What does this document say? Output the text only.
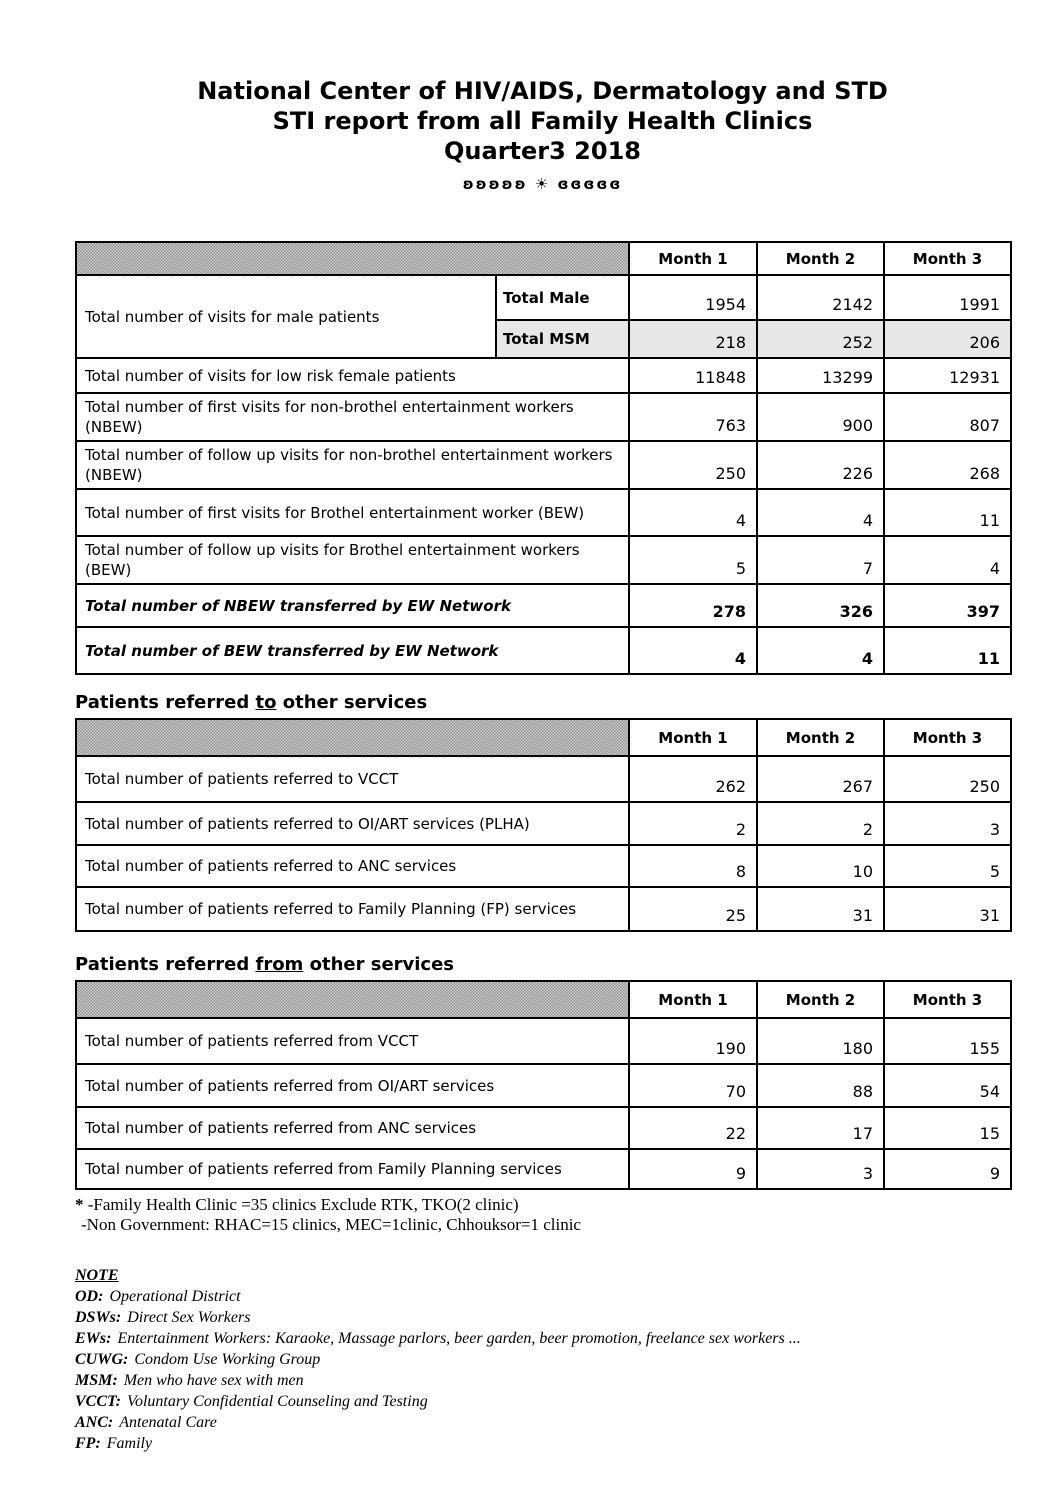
National Center of HIV/AIDS, Dermatology and STD
STI report from all Family Health Clinics
Quarter3 2018
ʚʚʚʚʚ ☀ ɞɞɞɞɞ
		Month 1	Month 2	Month 3
Total number of visits for male patients	Total Male	1954	2142	1991
	Total MSM	218	252	206
Total number of visits for low risk female patients		11848	13299	12931
Total number of first visits for non-brothel entertainment workers (NBEW)		763	900	807
Total number of follow up visits for non-brothel entertainment workers (NBEW)		250	226	268
Total number of first visits for Brothel entertainment worker (BEW)		4	4	11
Total number of follow up visits for Brothel entertainment workers (BEW)		5	7	4
Total number of NBEW transferred by EW Network		278	326	397
Total number of BEW transferred by EW Network		4	4	11
Patients referred to other services
	Month 1	Month 2	Month 3
Total number of patients referred to VCCT	262	267	250
Total number of patients referred to OI/ART services (PLHA)	2	2	3
Total number of patients referred to ANC services	8	10	5
Total number of patients referred to Family Planning (FP) services	25	31	31
Patients referred from other services
	Month 1	Month 2	Month 3
Total number of patients referred from VCCT	190	180	155
Total number of patients referred from OI/ART services	70	88	54
Total number of patients referred from ANC services	22	17	15
Total number of patients referred from Family Planning services	9	3	9
* -Family Health Clinic =35 clinics Exclude RTK, TKO(2 clinic)
-Non Government: RHAC=15 clinics, MEC=1clinic, Chhouksor=1 clinic
NOTE
OD: Operational District
DSWs: Direct Sex Workers
EWs: Entertainment Workers: Karaoke, Massage parlors, beer garden, beer promotion, freelance sex workers ...
CUWG: Condom Use Working Group
MSM: Men who have sex with men
VCCT: Voluntary Confidential Counseling and Testing
ANC: Antenatal Care
FP: Family
